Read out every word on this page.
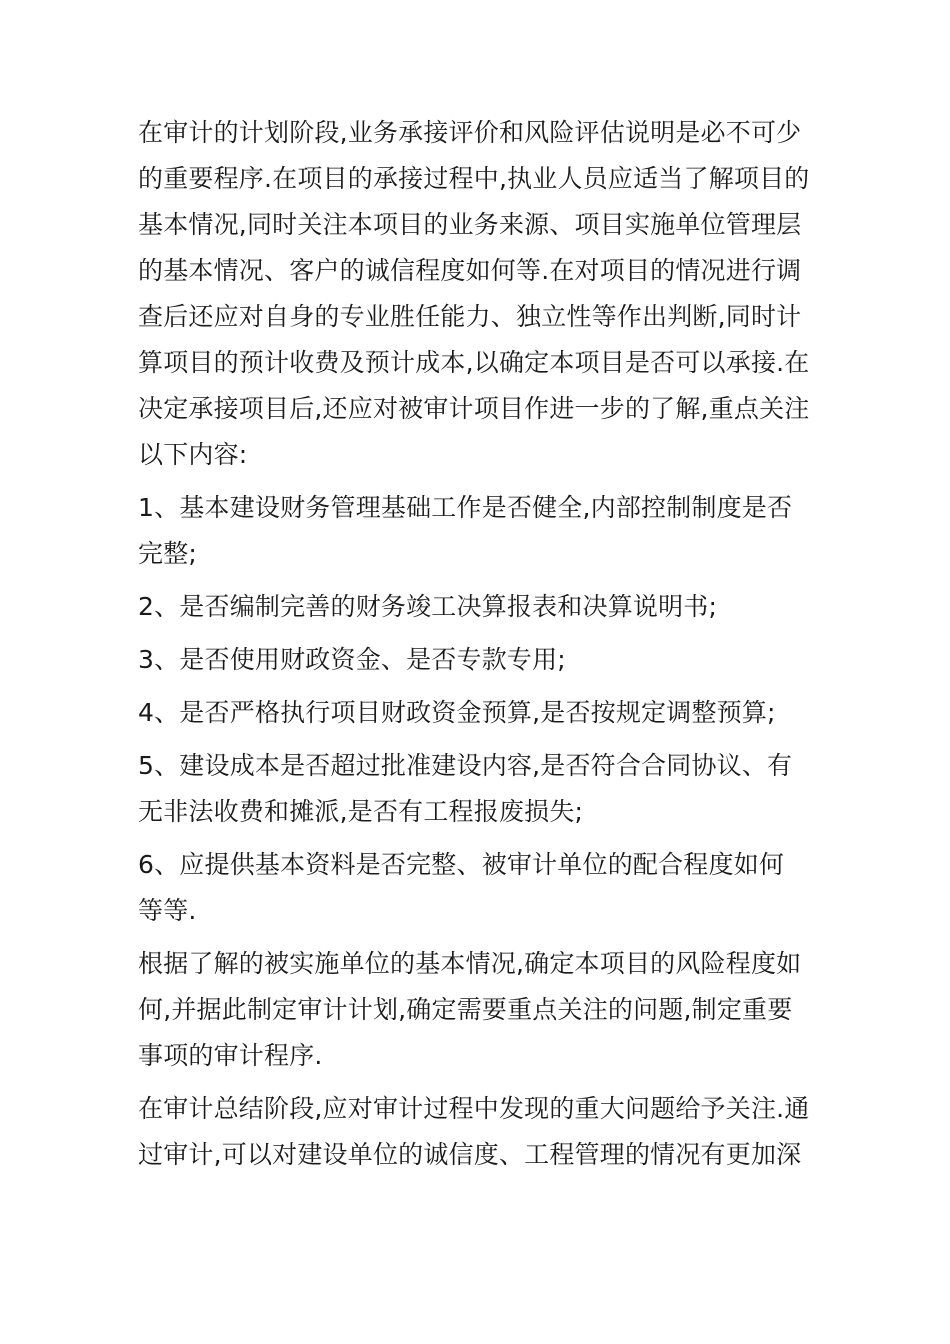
在审计的计划阶段,业务承接评价和风险评估说明是必不可少
的重要程序.在项目的承接过程中,执业人员应适当了解项目的
基本情况,同时关注本项目的业务来源、项目实施单位管理层
的基本情况、客户的诚信程度如何等.在对项目的情况进行调
查后还应对自身的专业胜任能力、独立性等作出判断,同时计
算项目的预计收费及预计成本,以确定本项目是否可以承接.在
决定承接项目后,还应对被审计项目作进一步的了解,重点关注
以下内容:
1、基本建设财务管理基础工作是否健全,内部控制制度是否
完整;
2、是否编制完善的财务竣工决算报表和决算说明书;
3、是否使用财政资金、是否专款专用;
4、是否严格执行项目财政资金预算,是否按规定调整预算;
5、建设成本是否超过批准建设内容,是否符合合同协议、有
无非法收费和摊派,是否有工程报废损失;
6、应提供基本资料是否完整、被审计单位的配合程度如何
等等.
根据了解的被实施单位的基本情况,确定本项目的风险程度如
何,并据此制定审计计划,确定需要重点关注的问题,制定重要
事项的审计程序.
在审计总结阶段,应对审计过程中发现的重大问题给予关注.通
过审计,可以对建设单位的诚信度、工程管理的情况有更加深
